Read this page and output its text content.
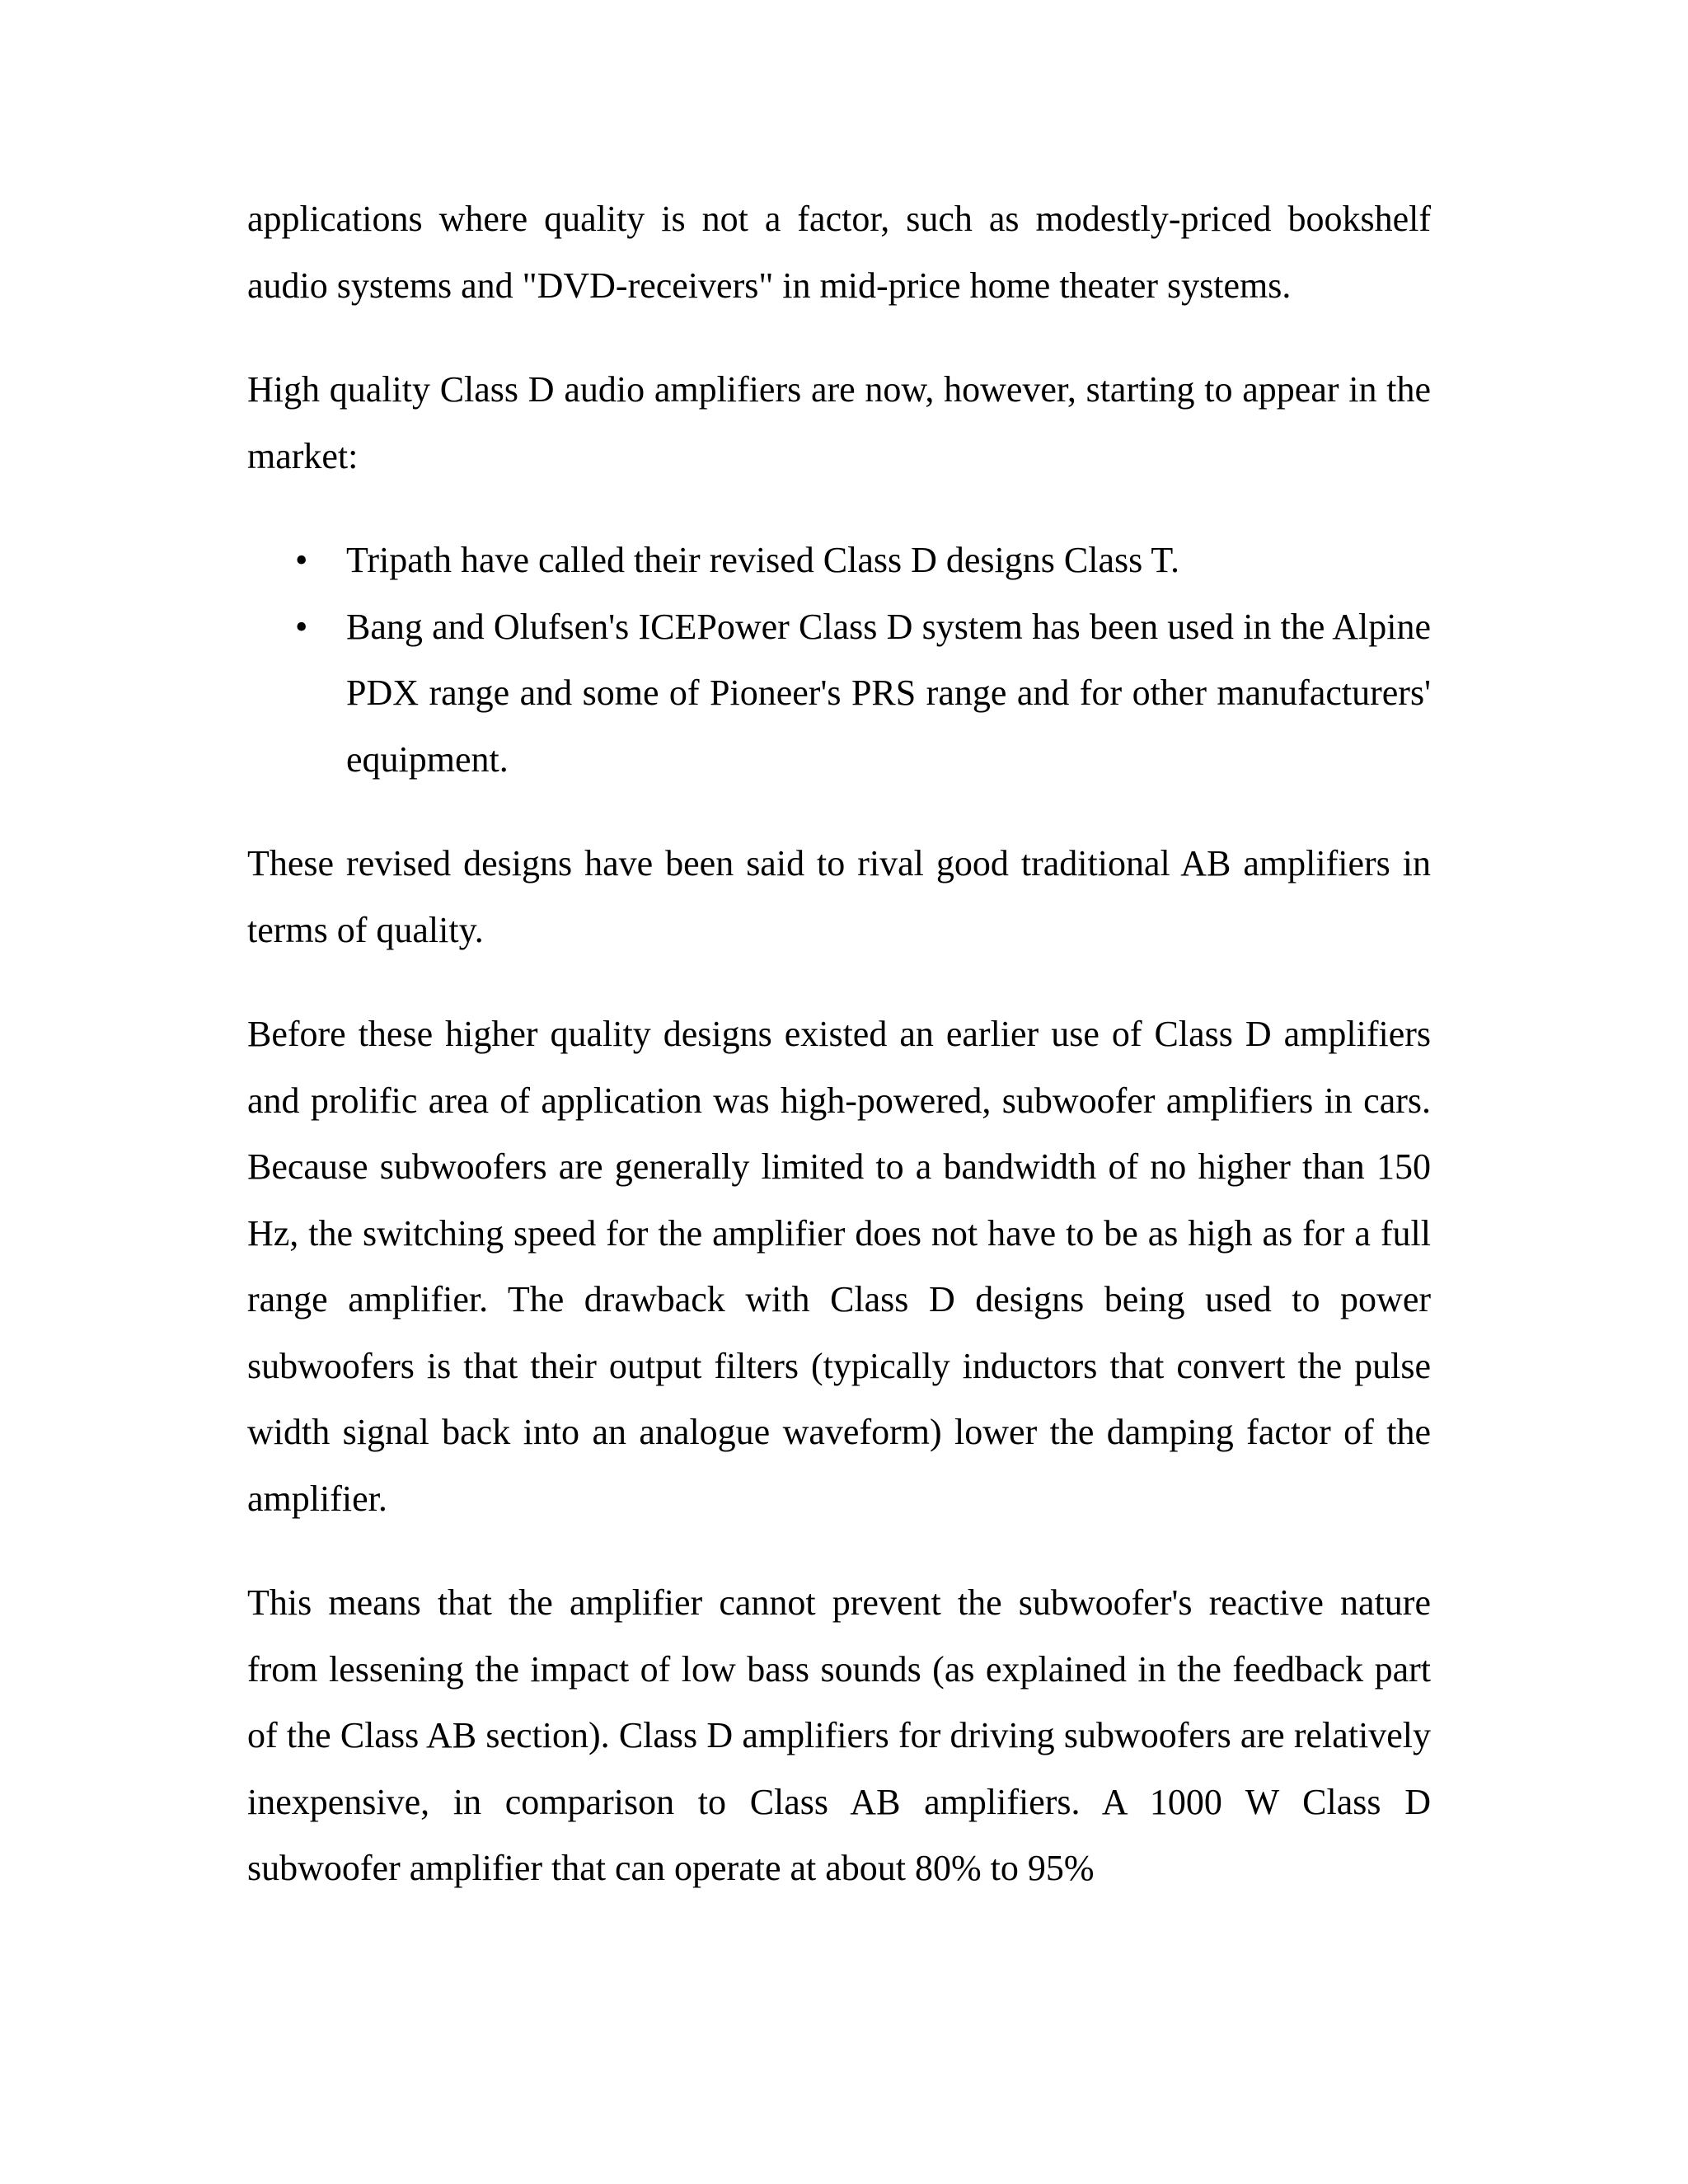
applications where quality is not a factor, such as modestly-priced bookshelf audio systems and "DVD-receivers" in mid-price home theater systems.

High quality Class D audio amplifiers are now, however, starting to appear in the market:

•	Tripath have called their revised Class D designs Class T.
•	Bang and Olufsen's ICEPower Class D system has been used in the Alpine PDX range and some of Pioneer's PRS range and for other manufacturers' equipment.

These revised designs have been said to rival good traditional AB amplifiers in terms of quality.

Before these higher quality designs existed an earlier use of Class D amplifiers and prolific area of application was high-powered, subwoofer amplifiers in cars. Because subwoofers are generally limited to a bandwidth of no higher than 150 Hz, the switching speed for the amplifier does not have to be as high as for a full range amplifier. The drawback with Class D designs being used to power subwoofers is that their output filters (typically inductors that convert the pulse width signal back into an analogue waveform) lower the damping factor of the amplifier.

This means that the amplifier cannot prevent the subwoofer's reactive nature from lessening the impact of low bass sounds (as explained in the feedback part of the Class AB section). Class D amplifiers for driving subwoofers are relatively inexpensive, in comparison to Class AB amplifiers. A 1000 W Class D subwoofer amplifier that can operate at about 80% to 95%
